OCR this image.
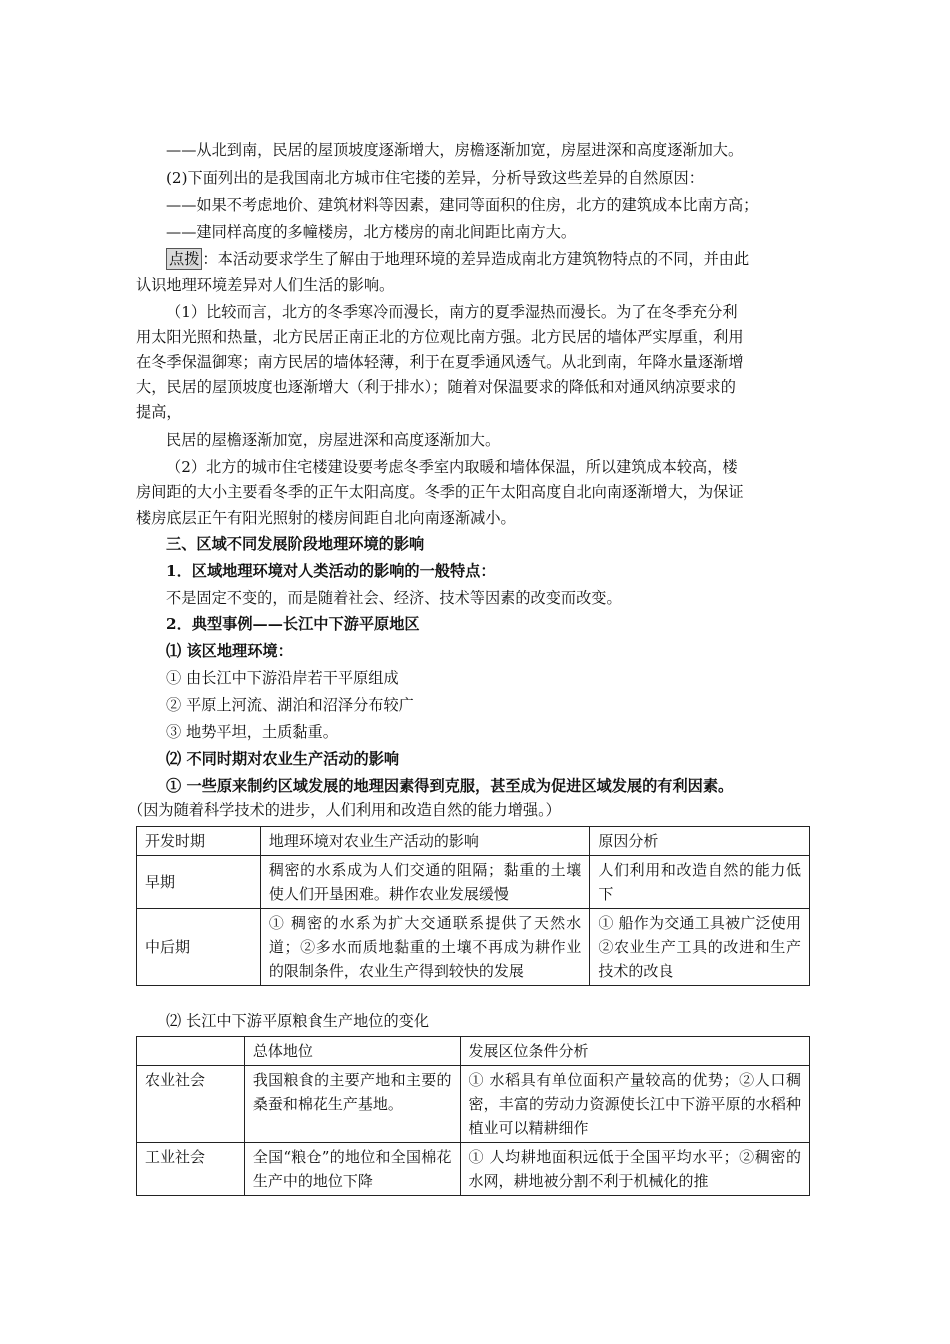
——从北到南，民居的屋顶坡度逐渐增大，房檐逐渐加宽，房屋进深和高度逐渐加大。
(2)下面列出的是我国南北方城市住宅搂的差异，分析导致这些差异的自然原因：
——如果不考虑地价、建筑材料等因素，建同等面积的住房，北方的建筑成本比南方高；
——建同样高度的多幢楼房，北方楼房的南北间距比南方大。
点拨 ：本活动要求学生了解由于地理环境的差异造成南北方建筑物特点的不同，并由此
认识地理环境差异对人们生活的影响。
（1）比较而言，北方的冬季寒冷而漫长，南方的夏季湿热而漫长。为了在冬季充分利
用太阳光照和热量，北方民居正南正北的方位观比南方强。北方民居的墙体严实厚重，利用
在冬季保温御寒；南方民居的墙体轻薄，利于在夏季通风透气。从北到南，年降水量逐渐增
大，民居的屋顶坡度也逐渐增大（利于排水）；随着对保温要求的降低和对通风纳凉要求的
提高，
民居的屋檐逐渐加宽，房屋进深和高度逐渐加大。
（2）北方的城市住宅楼建设要考虑冬季室内取暖和墙体保温，所以建筑成本较高，楼
房间距的大小主要看冬季的正午太阳高度。冬季的正午太阳高度自北向南逐渐增大，为保证
楼房底层正午有阳光照射的楼房间距自北向南逐渐减小。
三、区域不同发展阶段地理环境的影响
1．区域地理环境对人类活动的影响的一般特点：
不是固定不变的，而是随着社会、经济、技术等因素的改变而改变。
2．典型事例——长江中下游平原地区
⑴ 该区地理环境：
① 由长江中下游沿岸若干平原组成
② 平原上河流、湖泊和沼泽分布较广
③ 地势平坦，土质黏重。
⑵ 不同时期对农业生产活动的影响
① 一些原来制约区域发展的地理因素得到克服，甚至成为促进区域发展的有利因素。
（因为随着科学技术的进步，人们利用和改造自然的能力增强。）
开发时期	地理环境对农业生产活动的影响	原因分析
早期	稠密的水系成为人们交通的阻隔；黏重的土壤使人们开垦困难。耕作农业发展缓慢	人们利用和改造自然的能力低下
中后期	① 稠密的水系为扩大交通联系提供了天然水道；②多水而质地黏重的土壤不再成为耕作业的限制条件，农业生产得到较快的发展	① 船作为交通工具被广泛使用②农业生产工具的改进和生产技术的改良
⑵ 长江中下游平原粮食生产地位的变化
	总体地位	发展区位条件分析
农业社会	我国粮食的主要产地和主要的桑蚕和棉花生产基地。	① 水稻具有单位面积产量较高的优势；②人口稠密，丰富的劳动力资源使长江中下游平原的水稻种植业可以精耕细作
工业社会	全国“粮仓”的地位和全国棉花生产中的地位下降	① 人均耕地面积远低于全国平均水平；②稠密的水网，耕地被分割不利于机械化的推
